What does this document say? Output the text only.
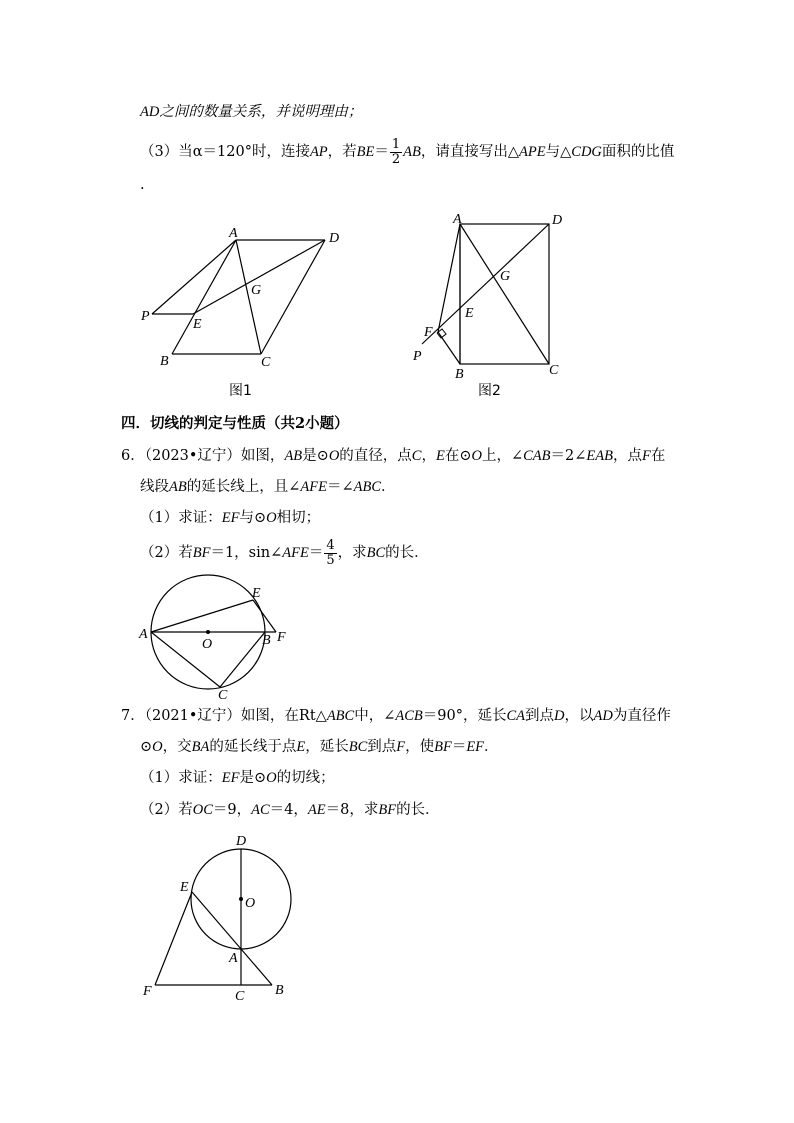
AD之间的数量关系，并说明理由；
（3）当α＝120°时，连接AP，若$BE= \frac{1}{2}$ AB，请直接写出△APE与△CDG面积的比值
.
A	D
G
P
E
B	C
图1
A	D
G
E
F
P
B	C
图2
A
O	B F
E
C
D
O
E
A
F	C B
四．切线的判定与性质（共2小题）
6．（2023•辽宁）如图，AB是⊙O的直径，点C，E在⊙O上，∠CAB＝2∠EAB，点F在
线段AB的延长线上，且∠AFE＝∠ABC．
（1）求证：EF与⊙O相切；
（2）若BF＝1，sin∠AFE＝ $\frac{4}{5}$ ，求BC的长．
7．（2021•辽宁）如图，在Rt△ABC中，∠ACB＝90°，延长CA到点D，以AD为直径作
⊙O，交BA的延长线于点E，延长BC到点F，使BF＝EF．
（1）求证：EF是⊙O的切线；
（2）若OC＝9，AC＝4，AE＝8，求BF的长．
